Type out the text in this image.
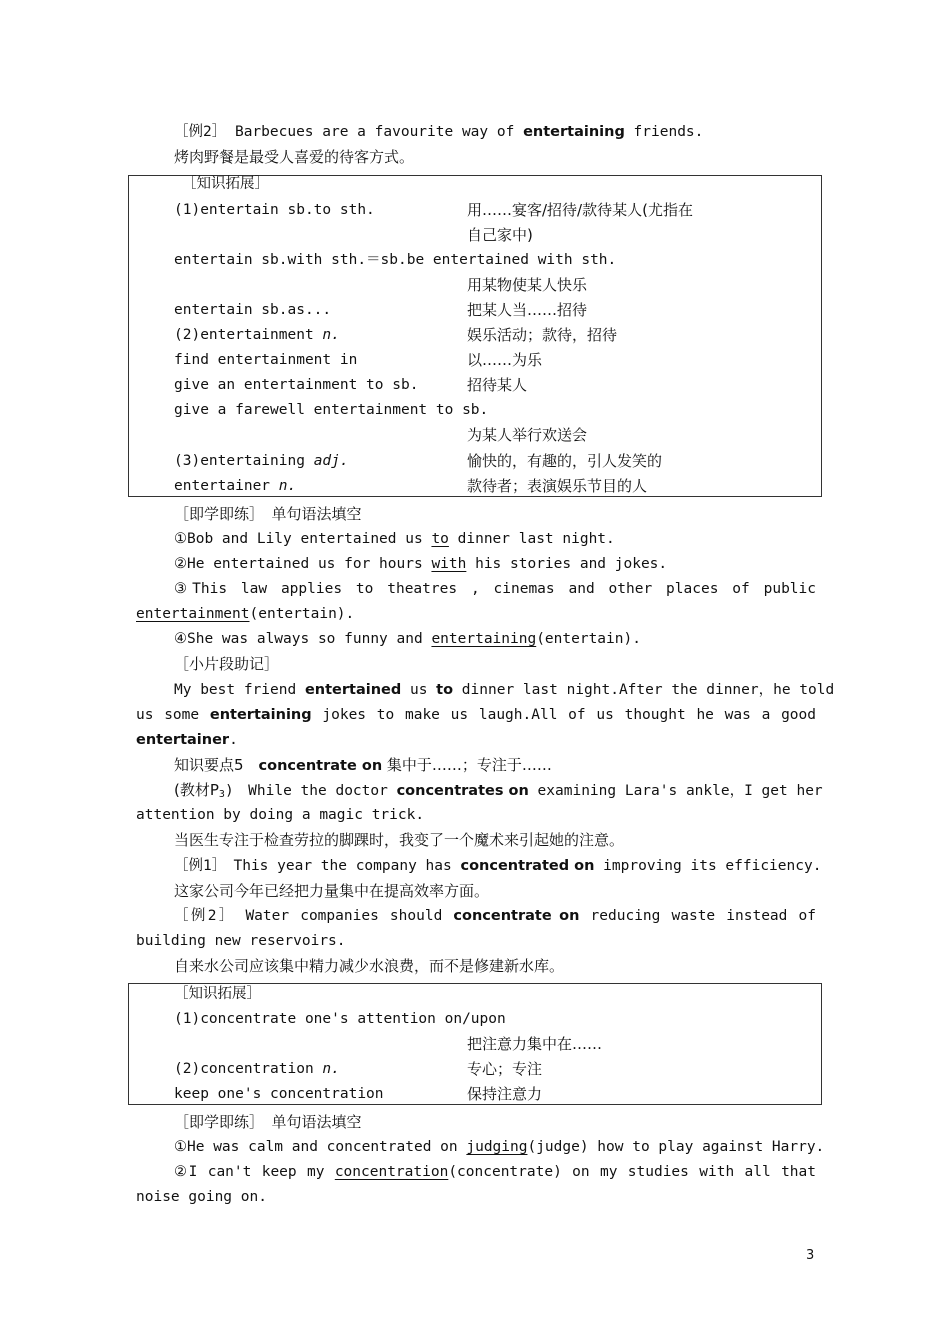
［例2］ Barbecues are a favourite way of entertaining friends.
烤肉野餐是最受人喜爱的待客方式。
［知识拓展］
(1)entertain sb.to sth.	用……宴客/招待/款待某人(尤指在
自己家中)
entertain sb.with sth.＝sb.be entertained with sth.
用某物使某人快乐
entertain sb.as...	把某人当……招待
(2)entertainment n.	娱乐活动；款待，招待
find entertainment in	以……为乐
give an entertainment to sb.	招待某人
give a farewell entertainment to sb.
为某人举行欢送会
(3)entertaining adj.	愉快的，有趣的，引人发笑的
entertainer n.	款待者；表演娱乐节目的人
［即学即练］　单句语法填空
①Bob and Lily entertained us to dinner last night.
②He entertained us for hours with his stories and jokes.
③This law applies to theatres , cinemas and other places of public
entertainment(entertain).
④She was always so funny and entertaining(entertain).
［小片段助记］
My best friend entertained us to dinner last night.After the dinner，he told
us some entertaining jokes to make us laugh.All of us thought he was a good
entertainer.
知识要点5　concentrate on 集中于……；专注于……
(教材$P_3$)　While the doctor concentrates on examining Lara's ankle，I get her
attention by doing a magic trick.
当医生专注于检查劳拉的脚踝时，我变了一个魔术来引起她的注意。
［例1］　This year the company has concentrated on improving its efficiency.
这家公司今年已经把力量集中在提高效率方面。
［例2］　Water companies should concentrate on reducing waste instead of
building new reservoirs.
自来水公司应该集中精力减少水浪费，而不是修建新水库。
［知识拓展］
(1)concentrate one's attention on/upon
把注意力集中在……
(2)concentration n.	专心；专注
keep one's concentration	保持注意力
［即学即练］　单句语法填空
①He was calm and concentrated on judging(judge) how to play against Harry.
②I can't keep my concentration(concentrate) on my studies with all that
noise going on.
3
